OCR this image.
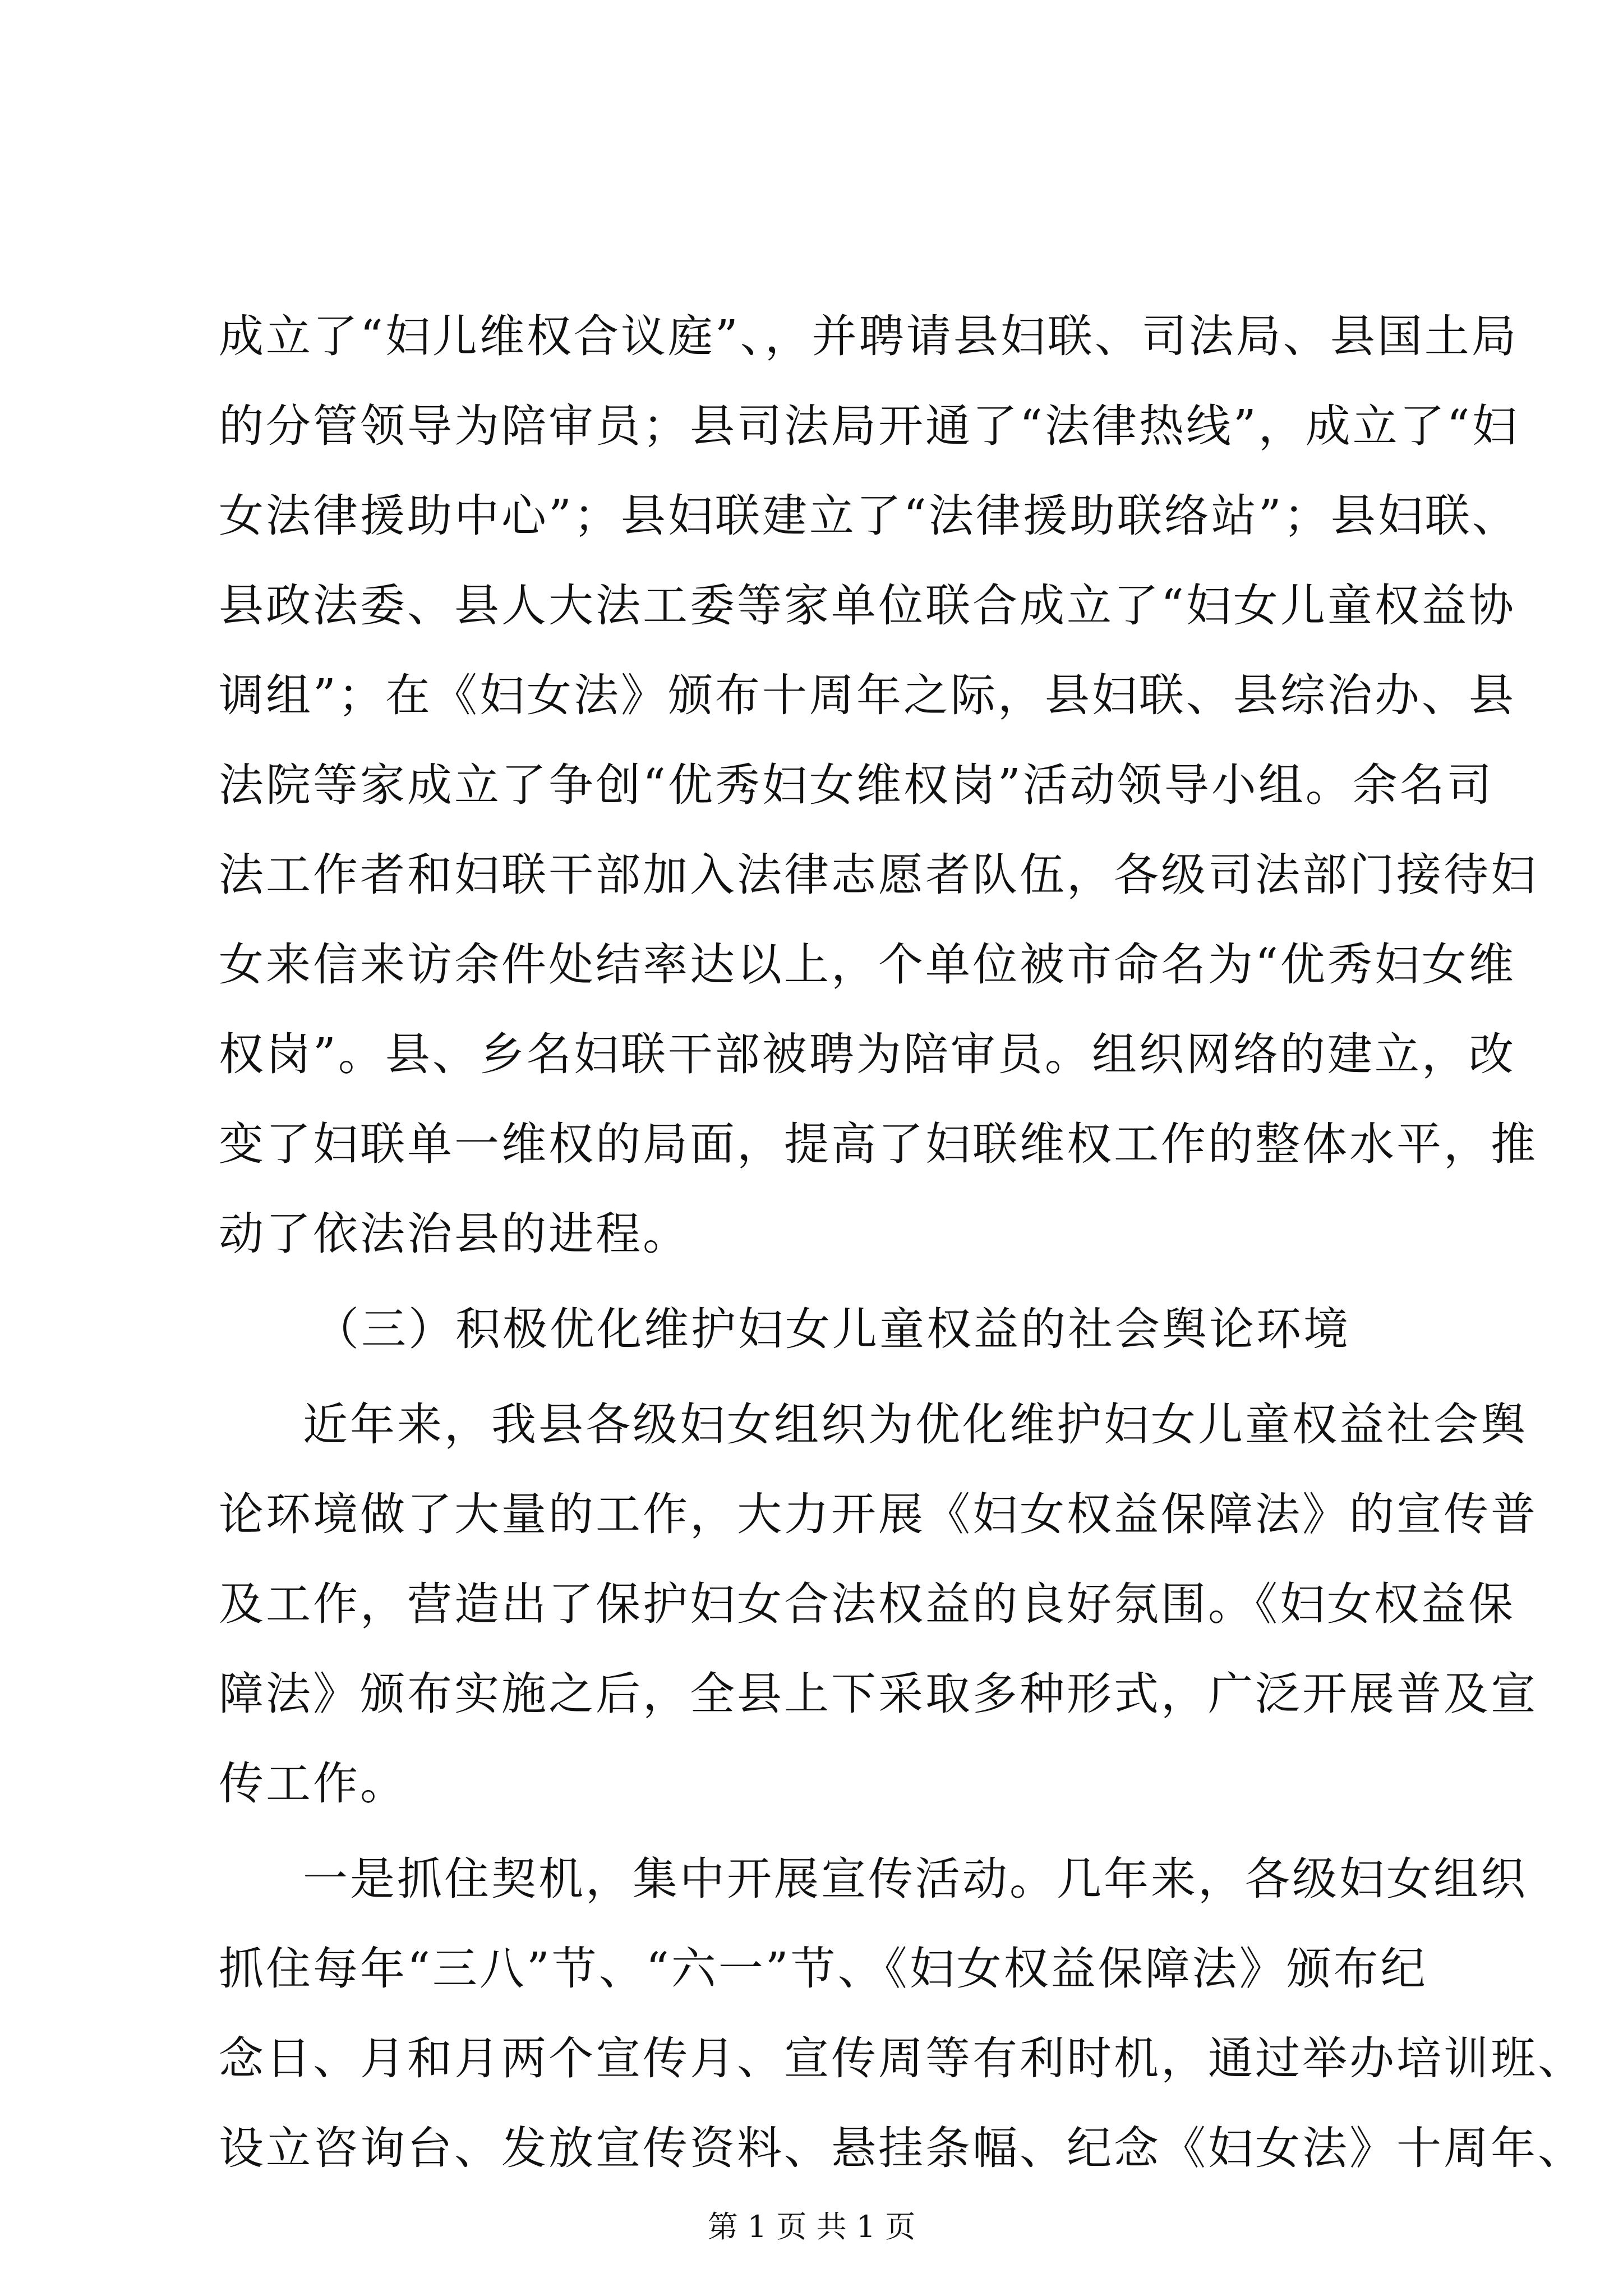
成立了“妇儿维权合议庭”、，并聘请县妇联、司法局、县国土局
的分管领导为陪审员；县司法局开通了“法律热线”，成立了“妇
女法律援助中心”；县妇联建立了“法律援助联络站”；县妇联、
县政法委、县人大法工委等家单位联合成立了“妇女儿童权益协
调组”；在《妇女法》颁布十周年之际，县妇联、县综治办、县
法院等家成立了争创“优秀妇女维权岗”活动领导小组。余名司
法工作者和妇联干部加入法律志愿者队伍，各级司法部门接待妇
女来信来访余件处结率达以上，个单位被市命名为“优秀妇女维
权岗”。县、乡名妇联干部被聘为陪审员。组织网络的建立，改
变了妇联单一维权的局面，提高了妇联维权工作的整体水平，推
动了依法治县的进程。
（三）积极优化维护妇女儿童权益的社会舆论环境
近年来，我县各级妇女组织为优化维护妇女儿童权益社会舆
论环境做了大量的工作，大力开展《妇女权益保障法》的宣传普
及工作，营造出了保护妇女合法权益的良好氛围。《妇女权益保
障法》颁布实施之后，全县上下采取多种形式，广泛开展普及宣
传工作。
一是抓住契机，集中开展宣传活动。几年来，各级妇女组织
抓住每年“三八”节、“六一”节、《妇女权益保障法》颁布纪
念日、月和月两个宣传月、宣传周等有利时机，通过举办培训班、
设立咨询台、发放宣传资料、悬挂条幅、纪念《妇女法》十周年、
第 1 页 共 1 页
